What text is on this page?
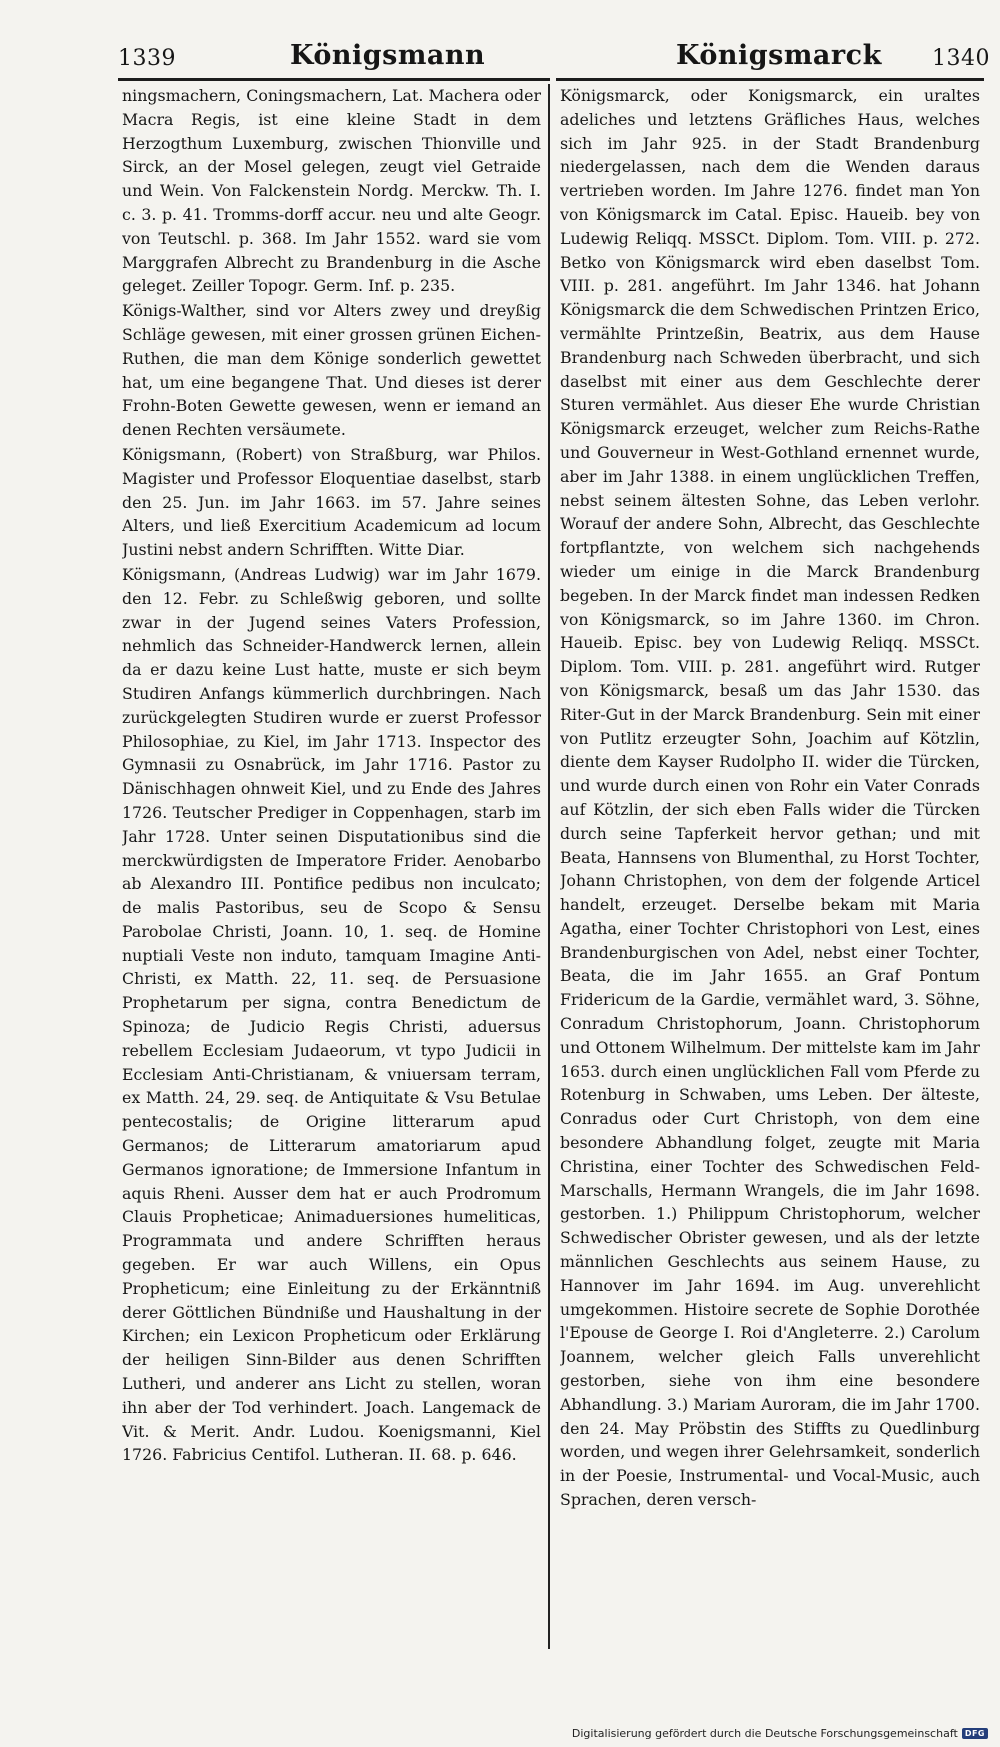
1339	Königsmann	Königsmarck 1340

ningsmachern, Coningsmachern, Lat. Machera oder Macra Regis, ist eine kleine Stadt in dem Herzogthum Luxemburg, zwischen Thionville und Sirck, an der Mosel gelegen, zeugt viel Getraide und Wein. Von Falckenstein Nordg. Merckw. Th. I. c. 3. p. 41. Tromms-dorff accur. neu und alte Geogr. von Teutschl. p. 368. Im Jahr 1552. ward sie vom Marggrafen Albrecht zu Brandenburg in die Asche geleget. Zeiller Topogr. Germ. Inf. p. 235.

Königs-Walther, sind vor Alters zwey und dreyßig Schläge gewesen, mit einer grossen grünen Eichen-Ruthen, die man dem Könige sonderlich gewettet hat, um eine begangene That. Und dieses ist derer Frohn-Boten Gewette gewesen, wenn er iemand an denen Rechten versäumete.

Königsmann, (Robert) von Straßburg, war Philos. Magister und Professor Eloquentiae daselbst, starb den 25. Jun. im Jahr 1663. im 57. Jahre seines Alters, und ließ Exercitium Academicum ad locum Justini nebst andern Schrifften. Witte Diar.

Königsmann, (Andreas Ludwig) war im Jahr 1679. den 12. Febr. zu Schleßwig geboren, und sollte zwar in der Jugend seines Vaters Profession, nehmlich das Schneider-Handwerck lernen, allein da er dazu keine Lust hatte, muste er sich beym Studiren Anfangs kümmerlich durchbringen. Nach zurückgelegten Studiren wurde er zuerst Professor Philosophiae, zu Kiel, im Jahr 1713. Inspector des Gymnasii zu Osnabrück, im Jahr 1716. Pastor zu Dänischhagen ohnweit Kiel, und zu Ende des Jahres 1726. Teutscher Prediger in Coppenhagen, starb im Jahr 1728. Unter seinen Disputationibus sind die merckwürdigsten de Imperatore Frider. Aenobarbo ab Alexandro III. Pontifice pedibus non inculcato; de malis Pastoribus, seu de Scopo & Sensu Parobolae Christi, Joann. 10, 1. seq. de Homine nuptiali Veste non induto, tamquam Imagine Anti-Christi, ex Matth. 22, 11. seq. de Persuasione Prophetarum per signa, contra Benedictum de Spinoza; de Judicio Regis Christi, aduersus rebellem Ecclesiam Judaeorum, vt typo Judicii in Ecclesiam Anti-Christianam, & vniuersam terram, ex Matth. 24, 29. seq. de Antiquitate & Vsu Betulae pentecostalis; de Origine litterarum apud Germanos; de Litterarum amatoriarum apud Germanos ignoratione; de Immersione Infantum in aquis Rheni. Ausser dem hat er auch Prodromum Clauis Propheticae; Animaduersiones humeliticas, Programmata und andere Schrifften heraus gegeben. Er war auch Willens, ein Opus Propheticum; eine Einleitung zu der Erkänntniß derer Göttlichen Bündniße und Haushaltung in der Kirchen; ein Lexicon Propheticum oder Erklärung der heiligen Sinn-Bilder aus denen Schrifften Lutheri, und anderer ans Licht zu stellen, woran ihn aber der Tod verhindert. Joach. Langemack de Vit. & Merit. Andr. Ludou. Koenigsmanni, Kiel 1726. Fabricius Centifol. Lutheran. II. 68. p. 646.

Königsmarck, oder Konigsmarck, ein uraltes adeliches und letztens Gräfliches Haus, welches sich im Jahr 925. in der Stadt Brandenburg niedergelassen, nach dem die Wenden daraus vertrieben worden. Im Jahre 1276. findet man Yon von Königsmarck im Catal. Episc. Haueib. bey von Ludewig Reliqq. MSSCt. Diplom. Tom. VIII. p. 272. Betko von Königsmarck wird eben daselbst Tom. VIII. p. 281. angeführt. Im Jahr 1346. hat Johann Königsmarck die dem Schwedischen Printzen Erico, vermählte Printzeßin, Beatrix, aus dem Hause Brandenburg nach Schweden überbracht, und sich daselbst mit einer aus dem Geschlechte derer Sturen vermählet. Aus dieser Ehe wurde Christian Königsmarck erzeuget, welcher zum Reichs-Rathe und Gouverneur in West-Gothland ernennet wurde, aber im Jahr 1388. in einem unglücklichen Treffen, nebst seinem ältesten Sohne, das Leben verlohr. Worauf der andere Sohn, Albrecht, das Geschlechte fortpflantzte, von welchem sich nachgehends wieder um einige in die Marck Brandenburg begeben. In der Marck findet man indessen Redken von Königsmarck, so im Jahre 1360. im Chron. Haueib. Episc. bey von Ludewig Reliqq. MSSCt. Diplom. Tom. VIII. p. 281. angeführt wird. Rutger von Königsmarck, besaß um das Jahr 1530. das Riter-Gut in der Marck Brandenburg. Sein mit einer von Putlitz erzeugter Sohn, Joachim auf Kötzlin, diente dem Kayser Rudolpho II. wider die Türcken, und wurde durch einen von Rohr ein Vater Conrads auf Kötzlin, der sich eben Falls wider die Türcken durch seine Tapferkeit hervor gethan; und mit Beata, Hannsens von Blumenthal, zu Horst Tochter, Johann Christophen, von dem der folgende Articel handelt, erzeuget. Derselbe bekam mit Maria Agatha, einer Tochter Christophori von Lest, eines Brandenburgischen von Adel, nebst einer Tochter, Beata, die im Jahr 1655. an Graf Pontum Fridericum de la Gardie, vermählet ward, 3. Söhne, Conradum Christophorum, Joann. Christophorum und Ottonem Wilhelmum. Der mittelste kam im Jahr 1653. durch einen unglücklichen Fall vom Pferde zu Rotenburg in Schwaben, ums Leben. Der älteste, Conradus oder Curt Christoph, von dem eine besondere Abhandlung folget, zeugte mit Maria Christina, einer Tochter des Schwedischen Feld-Marschalls, Hermann Wrangels, die im Jahr 1698. gestorben. 1.) Philippum Christophorum, welcher Schwedischer Obrister gewesen, und als der letzte männlichen Geschlechts aus seinem Hause, zu Hannover im Jahr 1694. im Aug. unverehlicht umgekommen. Histoire secrete de Sophie Dorothée l'Epouse de George I. Roi d'Angleterre. 2.) Carolum Joannem, welcher gleich Falls unverehlicht gestorben, siehe von ihm eine besondere Abhandlung. 3.) Mariam Auroram, die im Jahr 1700. den 24. May Pröbstin des Stiffts zu Quedlinburg worden, und wegen ihrer Gelehrsamkeit, sonderlich in der Poesie, Instrumental- und Vocal-Music, auch Sprachen, deren versch-

Digitalisierung gefördert durch die Deutsche Forschungsgemeinschaft DFG
